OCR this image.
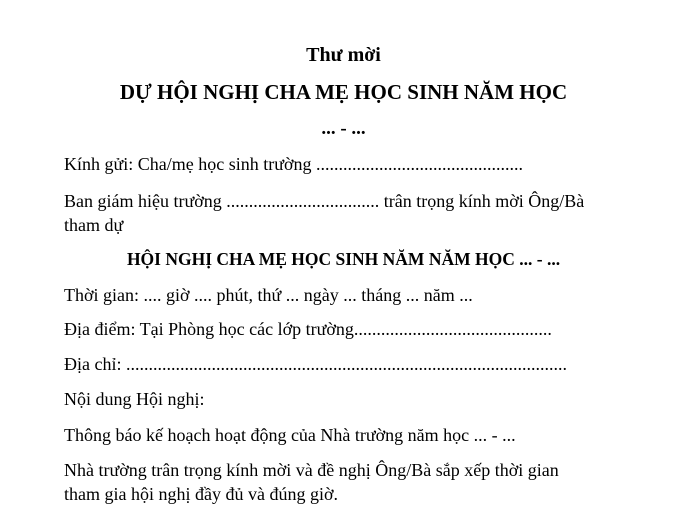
Thư mời
DỰ HỘI NGHỊ CHA MẸ HỌC SINH NĂM HỌC
... - ...
Kính gửi: Cha/mẹ học sinh trường ..............................................
Ban giám hiệu trường .................................. trân trọng kính mời Ông/Bà
tham dự
HỘI NGHỊ CHA MẸ HỌC SINH NĂM NĂM HỌC ... - ...
Thời gian: .... giờ .... phút, thứ ... ngày ... tháng ... năm ...
Địa điểm: Tại Phòng học các lớp trường............................................
Địa chỉ: ..................................................................................................
Nội dung Hội nghị:
Thông báo kế hoạch hoạt động của Nhà trường năm học ... - ...
Nhà trường trân trọng kính mời và đề nghị Ông/Bà sắp xếp thời gian
tham gia hội nghị đầy đủ và đúng giờ.
